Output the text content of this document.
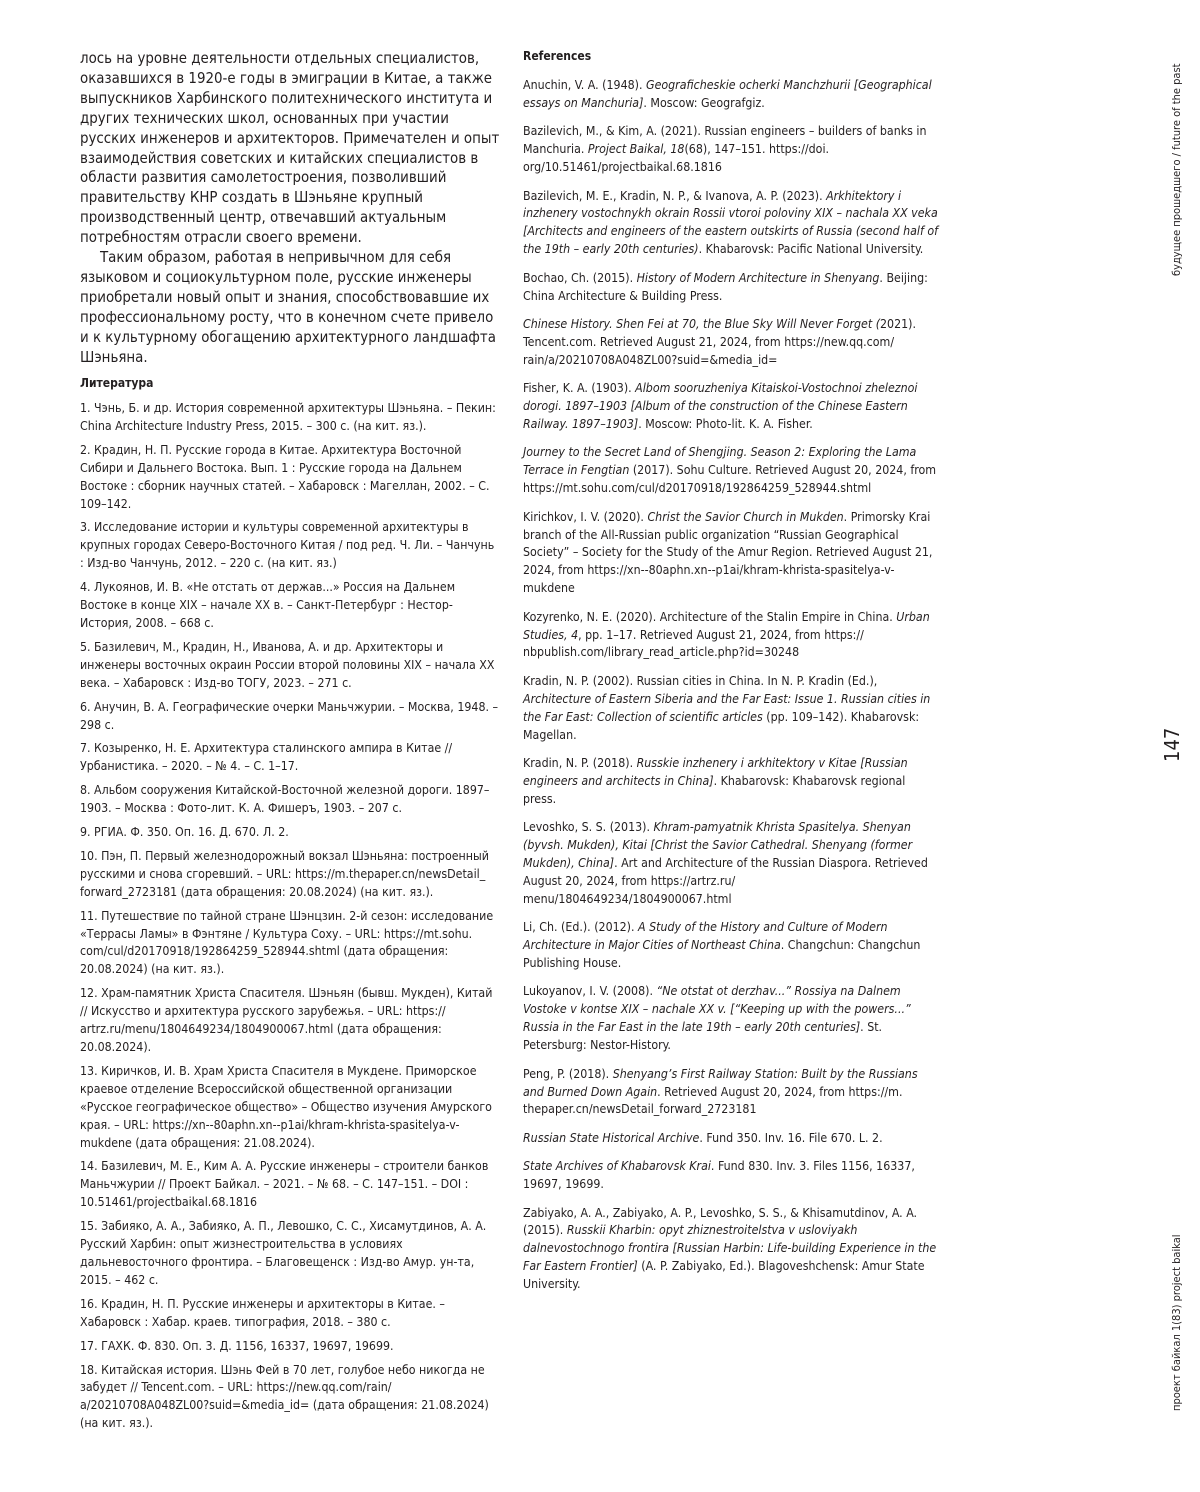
лось на уровне деятельности отдельных специалистов, оказавшихся в 1920-е годы в эмиграции в Китае, а также выпускников Харбинского политехнического института и других технических школ, основанных при участии русских инженеров и архитекторов. Примечателен и опыт взаимодействия советских и китайских специалистов в области развития самолетостроения, позволивший правительству КНР создать в Шэньяне крупный производственный центр, отвечавший актуальным потребностям отрасли своего времени.

Таким образом, работая в непривычном для себя языковом и социокультурном поле, русские инженеры приобретали новый опыт и знания, способствовавшие их профессиональному росту, что в конечном счете привело и к культурному обогащению архитектурного ландшафта Шэньяна.

Литература
1. Чэнь, Б. и др. История современной архитектуры Шэньяна. – Пекин: China Architecture Industry Press, 2015. – 300 с. (на кит. яз.).
2. Крадин, Н. П. Русские города в Китае. Архитектура Восточной Сибири и Дальнего Востока. Вып. 1 : Русские города на Дальнем Востоке : сборник научных статей. – Хабаровск : Магеллан, 2002. – С. 109–142.
3. Исследование истории и культуры современной архитектуры в крупных городах Северо-Восточного Китая / под ред. Ч. Ли. – Чанчунь : Изд-во Чанчунь, 2012. – 220 с. (на кит. яз.)
4. Лукоянов, И. В. «Не отстать от держав...» Россия на Дальнем Востоке в конце XIX – начале XX в. – Санкт-Петербург : Нестор-История, 2008. – 668 с.
5. Базилевич, М., Крадин, Н., Иванова, А. и др. Архитекторы и инженеры восточных окраин России второй половины XIX – начала XX века. – Хабаровск : Изд-во ТОГУ, 2023. – 271 с.
6. Анучин, В. А. Географические очерки Маньчжурии. – Москва, 1948. – 298 с.
7. Козыренко, Н. Е. Архитектура сталинского ампира в Китае // Урбанистика. – 2020. – № 4. – С. 1–17.
8. Альбом сооружения Китайской-Восточной железной дороги. 1897–1903. – Москва : Фото-лит. К. А. Фишеръ, 1903. – 207 с.
9. РГИА. Ф. 350. Оп. 16. Д. 670. Л. 2.
10. Пэн, П. Первый железнодорожный вокзал Шэньяна: построенный русскими и снова сгоревший. – URL: https://m.thepaper.cn/newsDetail_ forward_2723181 (дата обращения: 20.08.2024) (на кит. яз.).
11. Путешествие по тайной стране Шэнцзин. 2-й сезон: исследование «Террасы Ламы» в Фэнтяне / Культура Соху. – URL: https://mt.sohu. com/cul/d20170918/192864259_528944.shtml (дата обращения: 20.08.2024) (на кит. яз.).
12. Храм-памятник Христа Спасителя. Шэньян (бывш. Мукден), Китай // Искусство и архитектура русского зарубежья. – URL: https:// artrz.ru/menu/1804649234/1804900067.html (дата обращения: 20.08.2024).
13. Киричков, И. В. Храм Христа Спасителя в Мукдене. Приморское краевое отделение Всероссийской общественной организации «Русское географическое общество» – Общество изучения Амурского края. – URL: https://xn--80aphn.xn--p1ai/khram-khrista-spasitelya-v-mukdene (дата обращения: 21.08.2024).
14. Базилевич, М. Е., Ким А. А. Русские инженеры – строители банков Маньчжурии // Проект Байкал. – 2021. – № 68. – С. 147–151. – DOI : 10.51461/projectbaikal.68.1816
15. Забияко, А. А., Забияко, А. П., Левошко, С. С., Хисамутдинов, А. А. Русский Харбин: опыт жизнестроительства в условиях дальневосточного фронтира. – Благовещенск : Изд-во Амур. ун-та, 2015. – 462 с.
16. Крадин, Н. П. Русские инженеры и архитекторы в Китае. – Хабаровск : Хабар. краев. типография, 2018. – 380 с.
17. ГАХК. Ф. 830. Оп. 3. Д. 1156, 16337, 19697, 19699.
18. Китайская история. Шэнь Фей в 70 лет, голубое небо никогда не забудет // Tencent.com. – URL: https://new.qq.com/rain/ a/20210708A048ZL00?suid=&media_id= (дата обращения: 21.08.2024) (на кит. яз.).
References
Anuchin, V. A. (1948). Geograficheskie ocherki Manchzhurii [Geographical essays on Manchuria]. Moscow: Geografgiz.
Bazilevich, M., & Kim, A. (2021). Russian engineers – builders of banks in Manchuria. Project Baikal, 18(68), 147–151. https://doi. org/10.51461/projectbaikal.68.1816
Bazilevich, M. E., Kradin, N. P., & Ivanova, A. P. (2023). Arkhitektory i inzhenery vostochnykh okrain Rossii vtoroi poloviny XIX – nachala XX veka [Architects and engineers of the eastern outskirts of Russia (second half of the 19th – early 20th centuries). Khabarovsk: Pacific National University.
Bochao, Ch. (2015). History of Modern Architecture in Shenyang. Beijing: China Architecture & Building Press.
Chinese History. Shen Fei at 70, the Blue Sky Will Never Forget (2021). Tencent.com. Retrieved August 21, 2024, from https://new.qq.com/ rain/a/20210708A048ZL00?suid=&media_id=
Fisher, K. A. (1903). Albom sooruzheniya Kitaiskoi-Vostochnoi zheleznoi dorogi. 1897–1903 [Album of the construction of the Chinese Eastern Railway. 1897–1903]. Moscow: Photo-lit. K. A. Fisher.
Journey to the Secret Land of Shengjing. Season 2: Exploring the Lama Terrace in Fengtian (2017). Sohu Culture. Retrieved August 20, 2024, from https://mt.sohu.com/cul/d20170918/192864259_528944.shtml
Kirichkov, I. V. (2020). Christ the Savior Church in Mukden. Primorsky Krai branch of the All-Russian public organization “Russian Geographical Society” – Society for the Study of the Amur Region. Retrieved August 21, 2024, from https://xn--80aphn.xn--p1ai/khram-khrista-spasitelya-v-mukdene
Kozyrenko, N. E. (2020). Architecture of the Stalin Empire in China. Urban Studies, 4, pp. 1–17. Retrieved August 21, 2024, from https:// nbpublish.com/library_read_article.php?id=30248
Kradin, N. P. (2002). Russian cities in China. In N. P. Kradin (Ed.), Architecture of Eastern Siberia and the Far East: Issue 1. Russian cities in the Far East: Collection of scientific articles (pp. 109–142). Khabarovsk: Magellan.
Kradin, N. P. (2018). Russkie inzhenery i arkhitektory v Kitae [Russian engineers and architects in China]. Khabarovsk: Khabarovsk regional press.
Levoshko, S. S. (2013). Khram-pamyatnik Khrista Spasitelya. Shenyan (byvsh. Mukden), Kitai [Christ the Savior Cathedral. Shenyang (former Mukden), China]. Art and Architecture of the Russian Diaspora. Retrieved August 20, 2024, from https://artrz.ru/ menu/1804649234/1804900067.html
Li, Ch. (Ed.). (2012). A Study of the History and Culture of Modern Architecture in Major Cities of Northeast China. Changchun: Changchun Publishing House.
Lukoyanov, I. V. (2008). “Ne otstat ot derzhav...” Rossiya na Dalnem Vostoke v kontse XIX – nachale XX v. [“Keeping up with the powers...” Russia in the Far East in the late 19th – early 20th centuries]. St. Petersburg: Nestor-History.
Peng, P. (2018). Shenyang’s First Railway Station: Built by the Russians and Burned Down Again. Retrieved August 20, 2024, from https://m. thepaper.cn/newsDetail_forward_2723181
Russian State Historical Archive. Fund 350. Inv. 16. File 670. L. 2.
State Archives of Khabarovsk Krai. Fund 830. Inv. 3. Files 1156, 16337, 19697, 19699.
Zabiyako, A. A., Zabiyako, A. P., Levoshko, S. S., & Khisamutdinov, A. A. (2015). Russkii Kharbin: opyt zhiznestroitelstva v usloviyakh dalnevostochnogo frontira [Russian Harbin: Life-building Experience in the Far Eastern Frontier] (A. P. Zabiyako, Ed.). Blagoveshchensk: Amur State University.
будущее прошедшего / future of the past
147
проект байкал 1(83) project baikal
